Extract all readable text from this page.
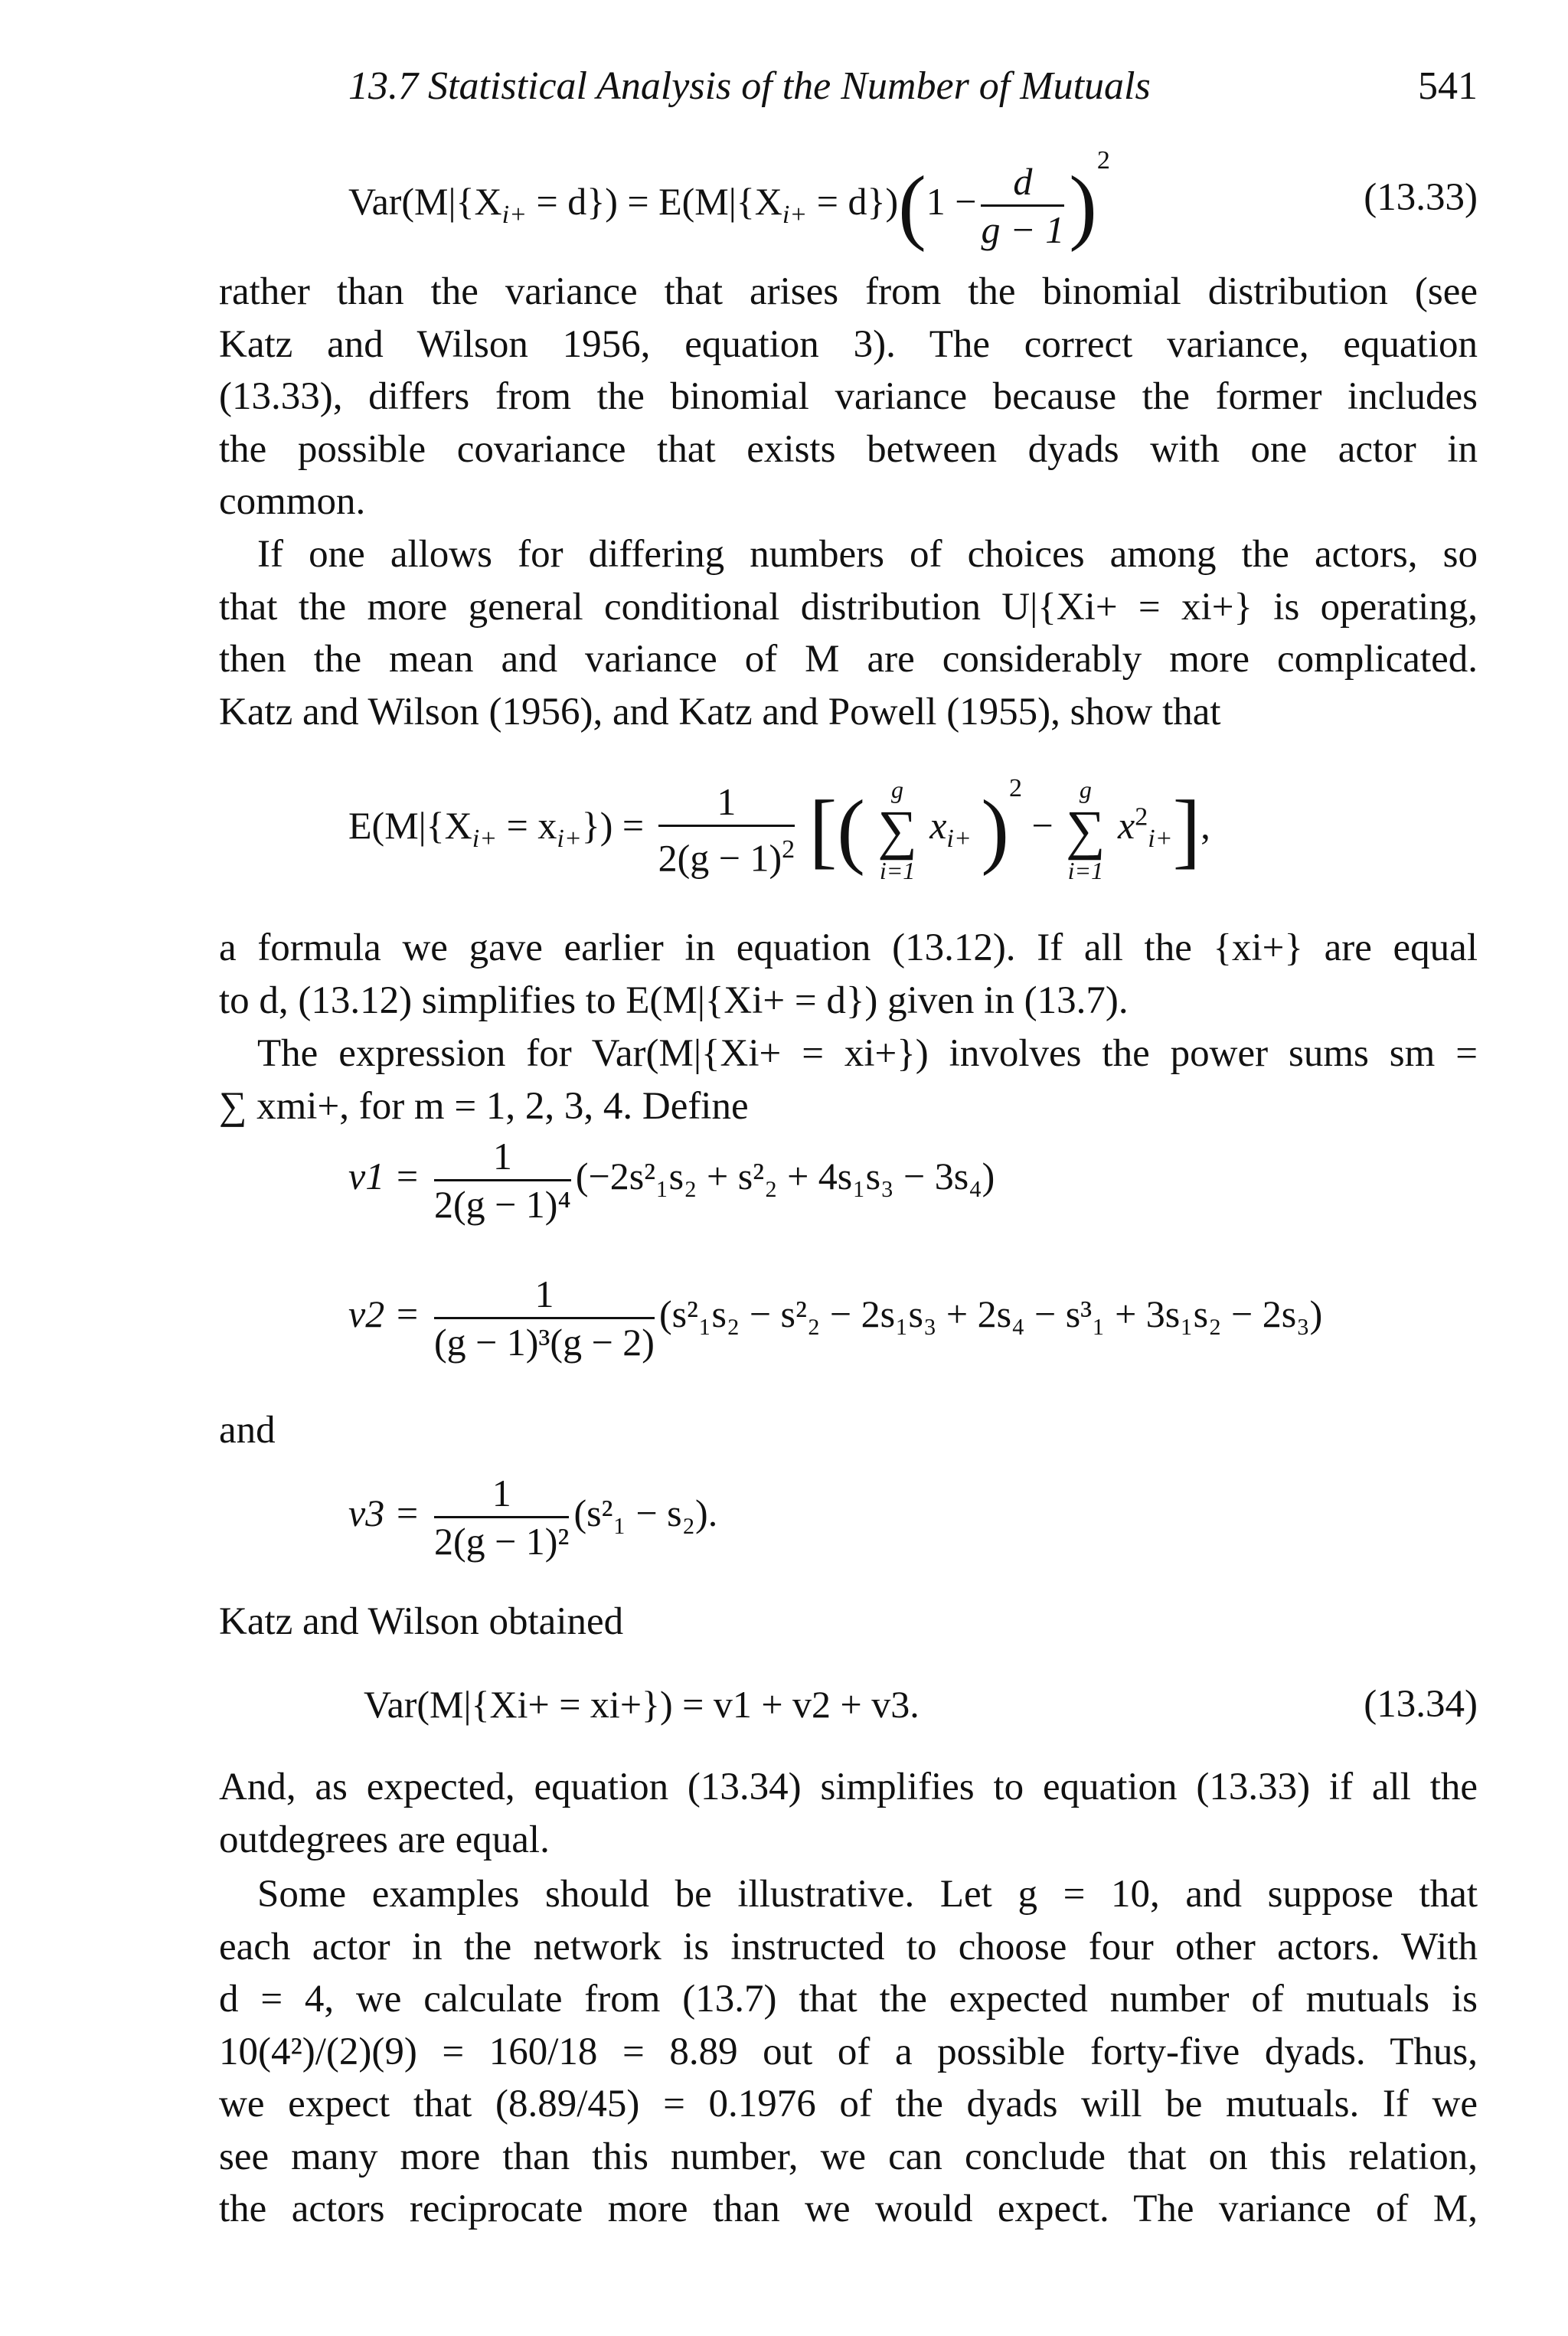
13.7 Statistical Analysis of the Number of Mutuals	541
$Var(M|\{X_{i+} = d\}) = E(M|\{X_{i+} = d\})(1 - \frac{d}{g - 1} )^2$
(13.33)
rather than the variance that arises from the binomial distribution (see
Katz and Wilson 1956, equation 3). The correct variance, equation
(13.33), differs from the binomial variance because the former includes
the possible covariance that exists between dyads with one actor in
common.
If one allows for differing numbers of choices among the actors, so
that the more general conditional distribution U|{Xi+ = xi+} is operating,
then the mean and variance of M are considerably more complicated.
Katz and Wilson (1956), and Katz and Powell (1955), show that
$E(M|\{X_{i+} = x_{i+}\}) = \frac{1}{2(g - 1)^2}$ [(	g
∑
i=1
$x_{i+}$ )$^2$ −
g
∑
i=1
$x^2_{i+}$],
a formula we gave earlier in equation (13.12). If all the {xi+} are equal
to d, (13.12) simplifies to E(M|{Xi+ = d}) given in (13.7).
The expression for Var(M|{Xi+ = xi+}) involves the power sums sm =
∑ xmi+, for m = 1, 2, 3, 4. Define
$v1 = \frac{1}{\text{2(g − 1)⁴}} (-2s^2_1s_2 + s^2_2 + 4s_1s_3 - 3s_4)$
$v2 = \frac{1}{\text{(g − 1)³(g − 2)}} (s^2_1s_2 - s^2_2 - 2s_1s_3 + 2s_4 - s^3_1 + 3s_1s_2 - 2s_3)$
and
$v3 = \frac{1}{\text{2(g − 1)²}} (s^2_1 - s_2)$.
Katz and Wilson obtained
Var(M|{Xi+ = xi+}) = v1 + v2 + v3.	(13.34)
And, as expected, equation (13.34) simplifies to equation (13.33) if all the
outdegrees are equal.
Some examples should be illustrative. Let g = 10, and suppose that
each actor in the network is instructed to choose four other actors. With
d = 4, we calculate from (13.7) that the expected number of mutuals is
10(4²)/(2)(9) = 160/18 = 8.89 out of a possible forty-five dyads. Thus,
we expect that (8.89/45) = 0.1976 of the dyads will be mutuals. If we
see many more than this number, we can conclude that on this relation,
the actors reciprocate more than we would expect. The variance of M,
